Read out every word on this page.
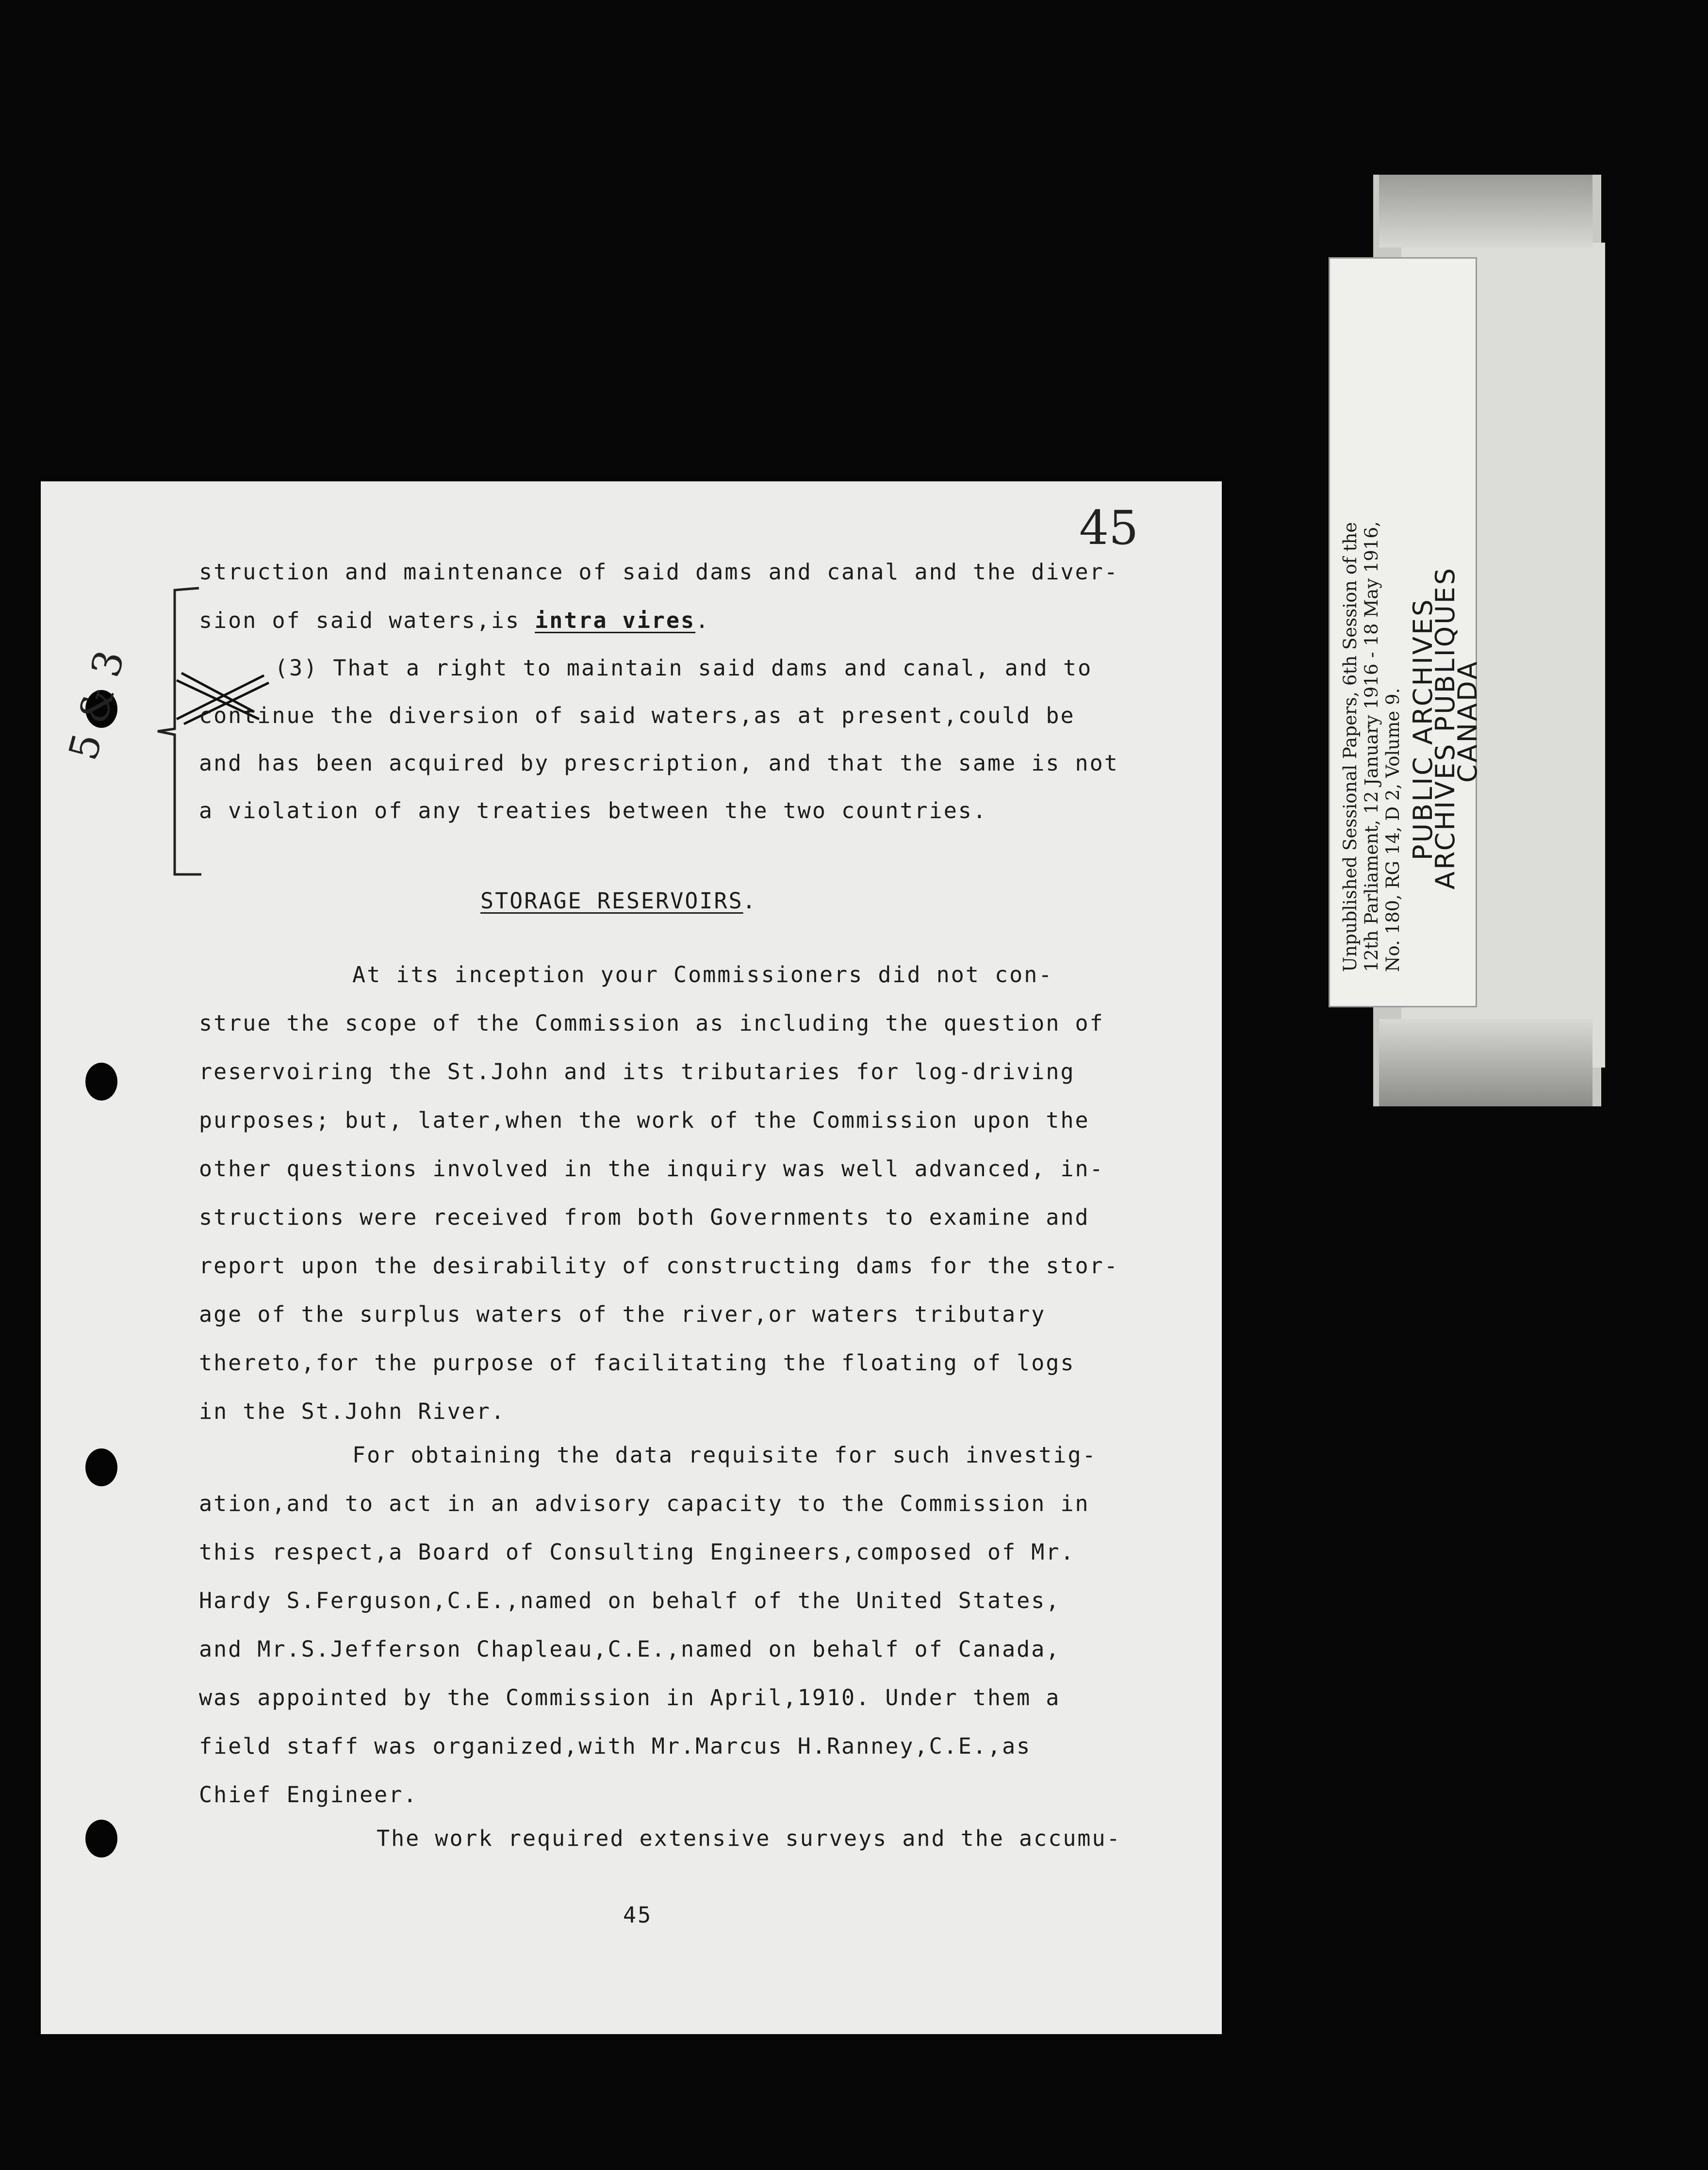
45
5 & 3
struction and maintenance of said dams and canal and the diver-
sion of said waters,is intra vires.
(3) That a right to maintain said dams and canal, and to
continue the diversion of said waters,as at present,could be
and has been acquired by prescription, and that the same is not
a violation of any treaties between the two countries.
STORAGE RESERVOIRS
.
At its inception your Commissioners did not con-
strue the scope of the Commission as including the question of
reservoiring the St.John and its tributaries for log-driving
purposes; but, later,when the work of the Commission upon the
other questions involved in the inquiry was well advanced, in-
structions were received from both Governments to examine and
report upon the desirability of constructing dams for the stor-
age of the surplus waters of the river,or waters tributary
thereto,for the purpose of facilitating the floating of logs
in the St.John River.
For obtaining the data requisite for such investig-
ation,and to act in an advisory capacity to the Commission in
this respect,a Board of Consulting Engineers,composed of Mr.
Hardy S.Ferguson,C.E.,named on behalf of the United States,
and Mr.S.Jefferson Chapleau,C.E.,named on behalf of Canada,
was appointed by the Commission in April,1910. Under them a
field staff was organized,with Mr.Marcus H.Ranney,C.E.,as
Chief Engineer.
The work required extensive surveys and the accumu-
45
Unpublished Sessional Papers, 6th Session of the 12th Parliament, 12 January 1916 - 18 May 1916, No. 180, RG 14, D 2, Volume 9. PUBLIC ARCHIVES
ARCHIVES PUBLIQUES
CANADA
